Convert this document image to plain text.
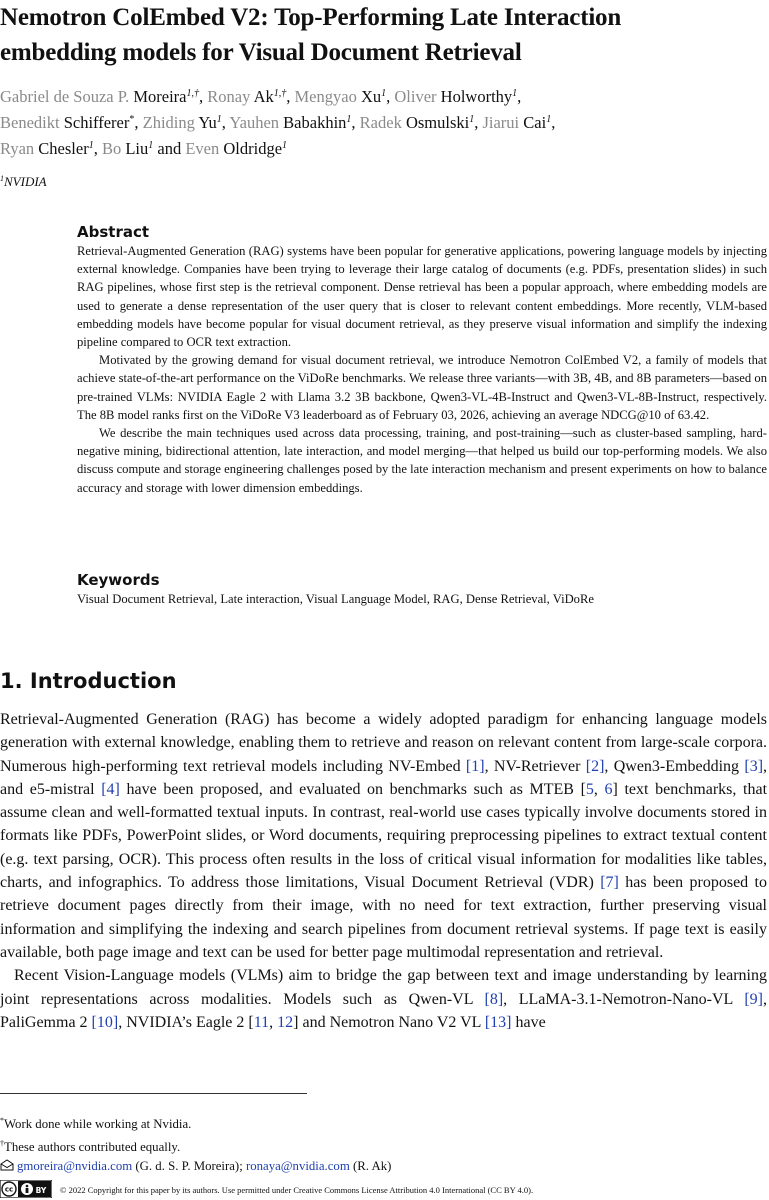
Nemotron ColEmbed V2: Top-Performing Late Interaction
embedding models for Visual Document Retrieval
Gabriel de Souza P. Moreira$^{1,\dagger}$, Ronay $Ak^{1,\dagger}$, Mengyao Xu$^1$, Oliver Holworthy$^1$,
Benedikt Schifferer*, Zhiding Yu$^1$, Yauhen Babakhin$^1$, Radek Osmulski$^1$, Jiarui Cai$^1$,
Ryan Chesler$^1$, Bo Liu$^1$ and Even Oldridge$^1$
$^1$NVIDIA

Abstract

Retrieval-Augmented Generation (RAG) systems have been popular for generative applications, powering language models by injecting external knowledge. Companies have been trying to leverage their large catalog of documents (e.g. PDFs, presentation slides) in such RAG pipelines, whose first step is the retrieval component. Dense retrieval has been a popular approach, where embedding models are used to generate a dense representation of the user query that is closer to relevant content embeddings. More recently, VLM-based embedding models have become popular for visual document retrieval, as they preserve visual information and simplify the indexing pipeline compared to OCR text extraction.

Motivated by the growing demand for visual document retrieval, we introduce Nemotron ColEmbed V2, a family of models that achieve state-of-the-art performance on the ViDoRe benchmarks. We release three variants—with 3B, 4B, and 8B parameters—based on pre-trained VLMs: NVIDIA Eagle 2 with Llama 3.2 3B backbone, Qwen3-VL-4B-Instruct and Qwen3-VL-8B-Instruct, respectively. The 8B model ranks first on the ViDoRe V3 leaderboard as of February 03, 2026, achieving an average NDCG@10 of 63.42.

We describe the main techniques used across data processing, training, and post-training—such as cluster-based sampling, hard-negative mining, bidirectional attention, late interaction, and model merging—that helped us build our top-performing models. We also discuss compute and storage engineering challenges posed by the late interaction mechanism and present experiments on how to balance accuracy and storage with lower dimension embeddings.

Keywords

Visual Document Retrieval, Late interaction, Visual Language Model, RAG, Dense Retrieval, ViDoRe

1. Introduction

Retrieval-Augmented Generation (RAG) has become a widely adopted paradigm for enhancing language models generation with external knowledge, enabling them to retrieve and reason on relevant content from large-scale corpora. Numerous high-performing text retrieval models including NV-Embed [1], NV-Retriever [2], Qwen3-Embedding [3], and e5-mistral [4] have been proposed, and evaluated on benchmarks such as MTEB [5, 6] text benchmarks, that assume clean and well-formatted textual inputs. In contrast, real-world use cases typically involve documents stored in formats like PDFs, PowerPoint slides, or Word documents, requiring preprocessing pipelines to extract textual content (e.g. text parsing, OCR). This process often results in the loss of critical visual information for modalities like tables, charts, and infographics. To address those limitations, Visual Document Retrieval (VDR) [7] has been proposed to retrieve document pages directly from their image, with no need for text extraction, further preserving visual information and simplifying the indexing and search pipelines from document retrieval systems. If page text is easily available, both page image and text can be used for better page multimodal representation and retrieval.

Recent Vision-Language models (VLMs) aim to bridge the gap between text and image understanding by learning joint representations across modalities. Models such as Qwen-VL [8], LLaMA-3.1-Nemotron-Nano-VL [9], PaliGemma 2 [10], NVIDIA’s Eagle 2 [11, 12] and Nemotron Nano V2 VL [13] have

*Work done while working at Nvidia.
†These authors contributed equally.
gmoreira@nvidia.com (G. d. S. P. Moreira); ronaya@nvidia.com (R. Ak)
cc	BY © 2022 Copyright for this paper by its authors. Use permitted under Creative Commons License Attribution 4.0 International (CC BY 4.0).
